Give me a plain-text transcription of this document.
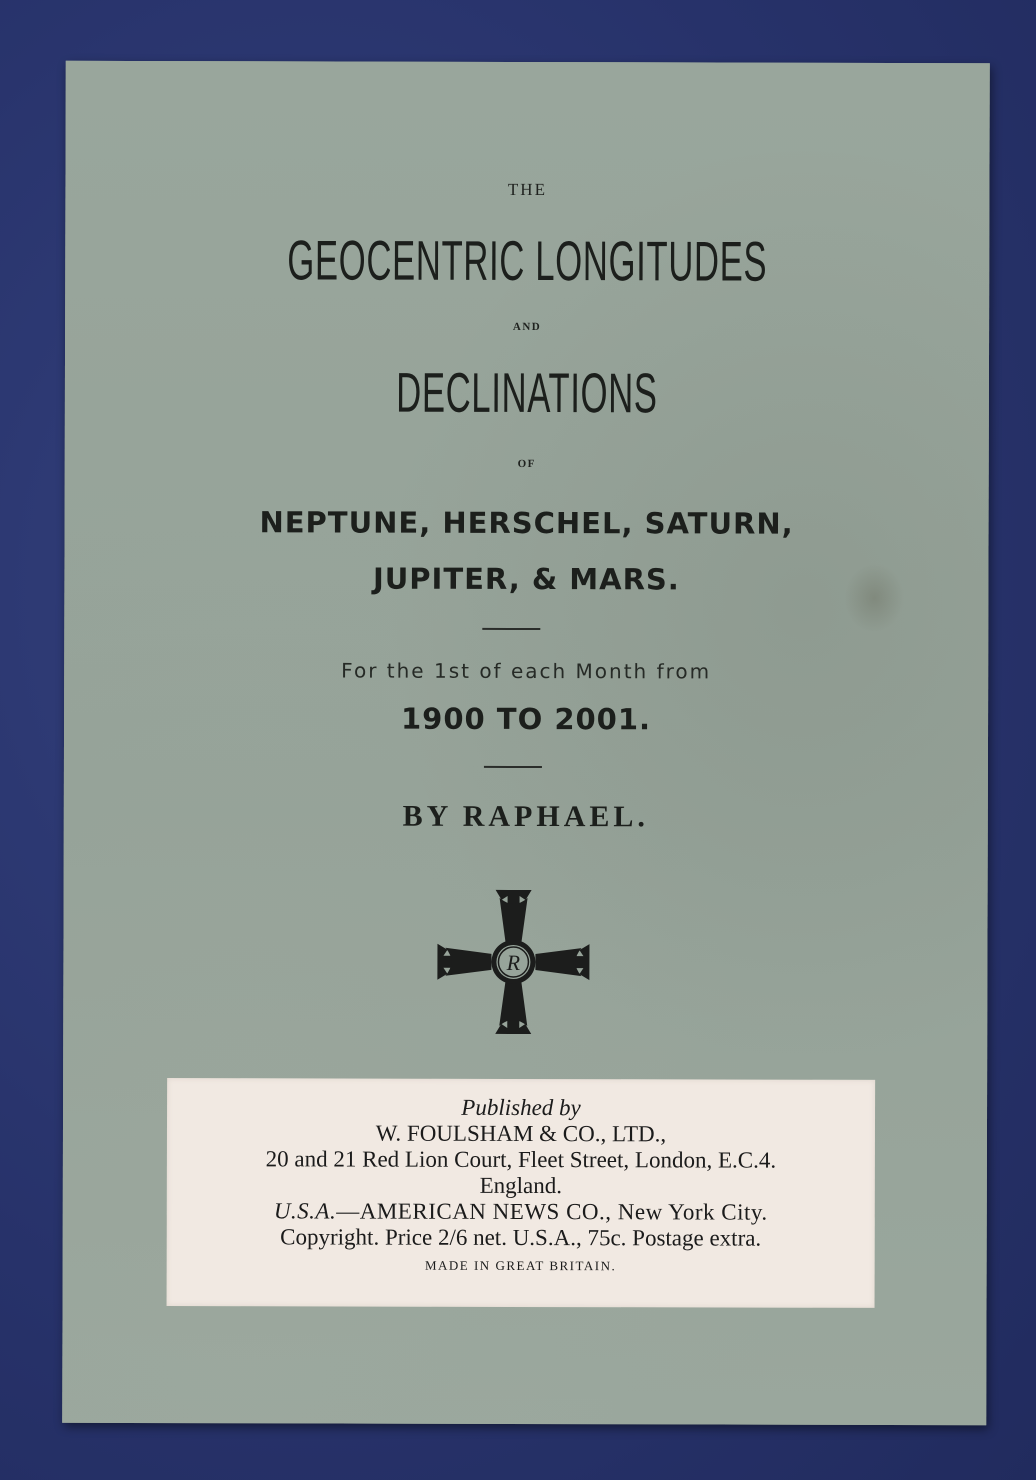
THE
GEOCENTRIC LONGITUDES
AND
DECLINATIONS
OF
NEPTUNE, HERSCHEL, SATURN,
JUPITER, & MARS.
For the 1st of each Month from
1900 TO 2001.
BY RAPHAEL.
R
Published by
W. FOULSHAM & CO., LTD.,
20 and 21 Red Lion Court, Fleet Street, London, E.C.4.
England.
U.S.A.—AMERICAN NEWS CO., New York City.
Copyright. Price 2/6 net. U.S.A., 75c. Postage extra.
MADE IN GREAT BRITAIN.
